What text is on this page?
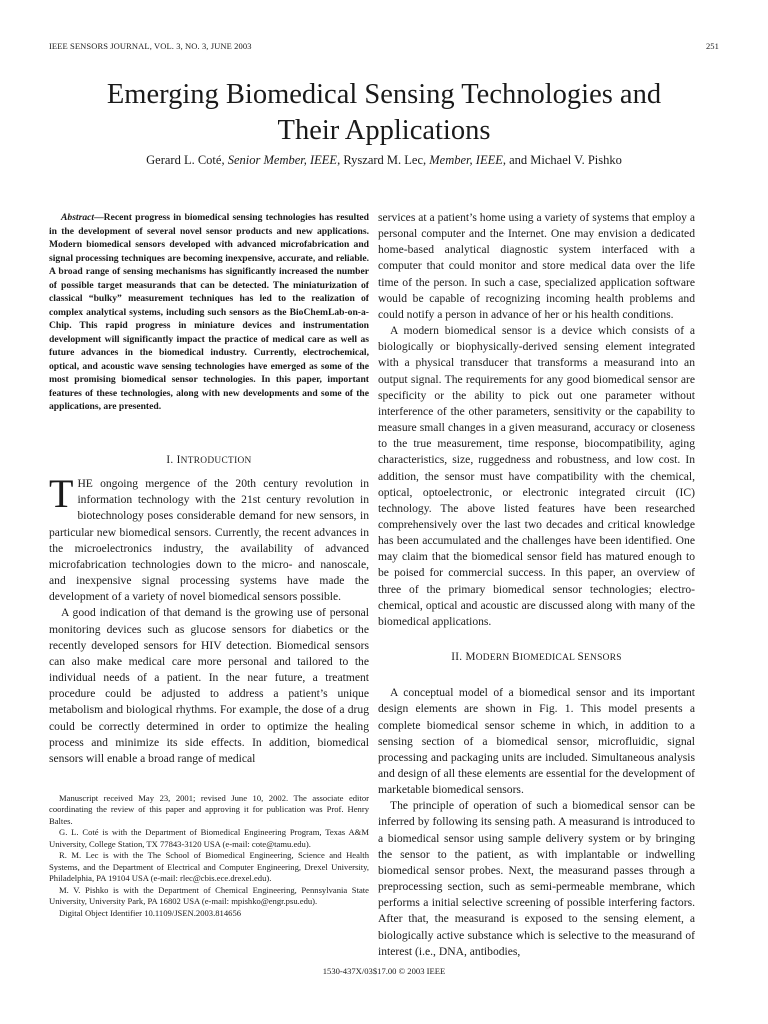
IEEE SENSORS JOURNAL, VOL. 3, NO. 3, JUNE 2003	251
Emerging Biomedical Sensing Technologies and
Their Applications
Gerard L. Coté, Senior Member, IEEE, Ryszard M. Lec, Member, IEEE, and Michael V. Pishko
Abstract—Recent progress in biomedical sensing technologies has resulted in the development of several novel sensor products and new applications. Modern biomedical sensors developed with advanced microfabrication and signal processing techniques are becoming inexpensive, accurate, and reliable. A broad range of sensing mechanisms has significantly increased the number of possible target measurands that can be detected. The miniaturization of classical “bulky” measurement techniques has led to the realization of complex analytical systems, including such sensors as the BioChemLab-on-a-Chip. This rapid progress in miniature devices and instrumentation development will significantly impact the practice of medical care as well as future advances in the biomedical industry. Currently, electrochemical, optical, and acoustic wave sensing technologies have emerged as some of the most promising biomedical sensor technologies. In this paper, important features of these technologies, along with new developments and some of the applications, are presented.

I. INTRODUCTION

THE ongoing mergence of the 20th century revolution in information technology with the 21st century revolution in biotechnology poses considerable demand for new sensors, in particular new biomedical sensors. Currently, the recent advances in the microelectronics industry, the availability of advanced microfabrication technologies down to the micro- and nanoscale, and inexpensive signal processing systems have made the development of a variety of novel biomedical sensors possible.

A good indication of that demand is the growing use of personal monitoring devices such as glucose sensors for diabetics or the recently developed sensors for HIV detection. Biomedical sensors can also make medical care more personal and tailored to the individual needs of a patient. In the near future, a treatment procedure could be adjusted to address a patient’s unique metabolism and biological rhythms. For example, the dose of a drug could be correctly determined in order to optimize the healing process and minimize its side effects. In addition, biomedical sensors will enable a broad range of medical

Manuscript received May 23, 2001; revised June 10, 2002. The associate editor coordinating the review of this paper and approving it for publication was Prof. Henry Baltes.

G. L. Coté is with the Department of Biomedical Engineering Program, Texas A&M University, College Station, TX 77843-3120 USA (e-mail: cote@tamu.edu).

R. M. Lec is with the The School of Biomedical Engineering, Science and Health Systems, and the Department of Electrical and Computer Engineering, Drexel University, Philadelphia, PA 19104 USA (e-mail: rlec@cbis.ece.drexel.edu).

M. V. Pishko is with the Department of Chemical Engineering, Pennsylvania State University, University Park, PA 16802 USA (e-mail: mpishko@engr.psu.edu).

Digital Object Identifier 10.1109/JSEN.2003.814656

services at a patient’s home using a variety of systems that employ a personal computer and the Internet. One may envision a dedicated home-based analytical diagnostic system interfaced with a computer that could monitor and store medical data over the life time of the person. In such a case, specialized application software would be capable of recognizing incoming health problems and could notify a person in advance of her or his health conditions.

A modern biomedical sensor is a device which consists of a biologically or biophysically-derived sensing element integrated with a physical transducer that transforms a measurand into an output signal. The requirements for any good biomedical sensor are specificity or the ability to pick out one parameter without interference of the other parameters, sensitivity or the capability to measure small changes in a given measurand, accuracy or closeness to the true measurement, time response, biocompatibility, aging characteristics, size, ruggedness and robustness, and low cost. In addition, the sensor must have compatibility with the chemical, optical, optoelectronic, or electronic integrated circuit (IC) technology. The above listed features have been researched comprehensively over the last two decades and critical knowledge has been accumulated and the challenges have been identified. One may claim that the biomedical sensor field has matured enough to be poised for commercial success. In this paper, an overview of three of the primary biomedical sensor technologies; electro-chemical, optical and acoustic are discussed along with many of the biomedical applications.

II. MODERN BIOMEDICAL SENSORS

A conceptual model of a biomedical sensor and its important design elements are shown in Fig. 1. This model presents a complete biomedical sensor scheme in which, in addition to a sensing section of a biomedical sensor, microfluidic, signal processing and packaging units are included. Simultaneous analysis and design of all these elements are essential for the development of marketable biomedical sensors.

The principle of operation of such a biomedical sensor can be inferred by following its sensing path. A measurand is introduced to a biomedical sensor using sample delivery system or by bringing the sensor to the patient, as with implantable or indwelling biomedical sensor probes. Next, the measurand passes through a preprocessing section, such as semi-permeable membrane, which performs a initial selective screening of possible interfering factors. After that, the measurand is exposed to the sensing element, a biologically active substance which is selective to the measurand of interest (i.e., DNA, antibodies,

1530-437X/03$17.00 © 2003 IEEE
